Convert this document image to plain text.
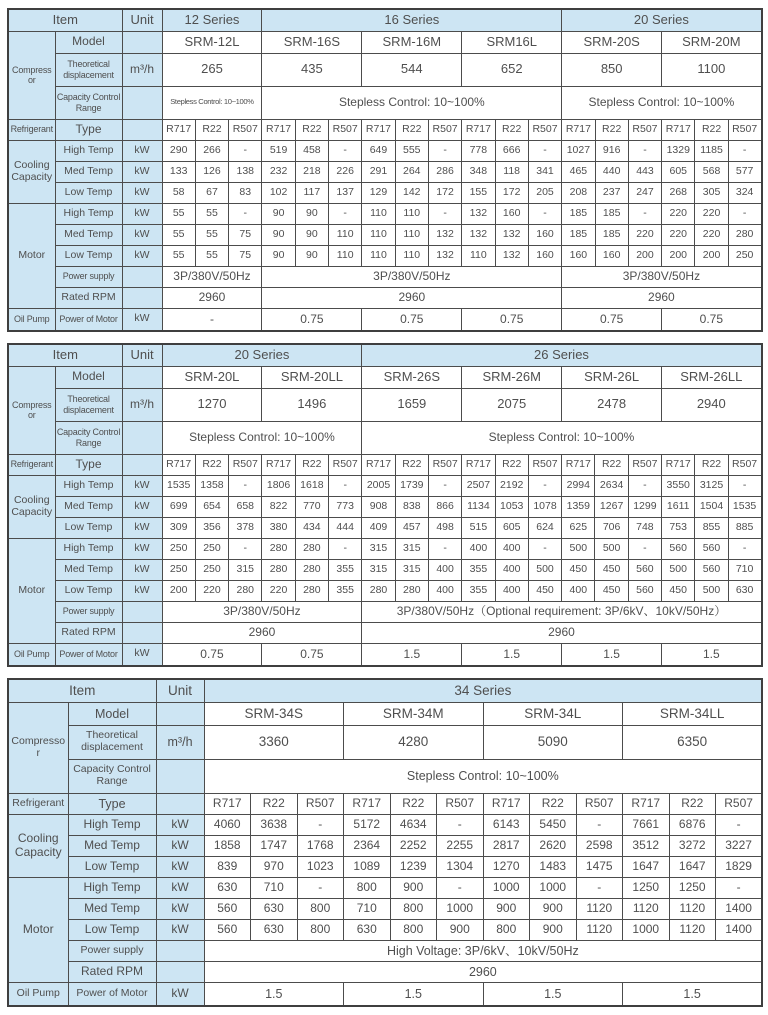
Item		Unit	12 Series			16 Series									20 Series					
Compressor	Model		SRM-12L			SRM-16S			SRM-16M			SRM16L			SRM-20S			SRM-20M		
	Theoretical displacement	m³/h	265			435			544			652			850			1100		
	Capacity Control Range		Stepless Control: 10~100%			Stepless Control: 10~100%									Stepless Control: 10~100%					
Refrigerant	Type		R717	R22	R507	R717	R22	R507	R717	R22	R507	R717	R22	R507	R717	R22	R507	R717	R22	R507
Cooling Capacity	High Temp	kW	290	266	-	519	458	-	649	555	-	778	666	-	1027	916	-	1329	1185	-
	Med Temp	kW	133	126	138	232	218	226	291	264	286	348	118	341	465	440	443	605	568	577
	Low Temp	kW	58	67	83	102	117	137	129	142	172	155	172	205	208	237	247	268	305	324
Motor	High Temp	kW	55	55	-	90	90	-	110	110	-	132	160	-	185	185	-	220	220	-
	Med Temp	kW	55	55	75	90	90	110	110	110	132	132	132	160	185	185	220	220	220	280
	Low Temp	kW	55	55	75	90	90	110	110	110	132	110	132	160	160	160	200	200	200	250
	Power supply		3P/380V/50Hz			3P/380V/50Hz									3P/380V/50Hz					
	Rated RPM		2960			2960									2960					
Oil Pump	Power of Motor	kW	-			0.75			0.75			0.75			0.75			0.75		
Item		Unit	20 Series						26 Series											
Compressor	Model		SRM-20L			SRM-20LL			SRM-26S			SRM-26M			SRM-26L			SRM-26LL		
	Theoretical displacement	m³/h	1270			1496			1659			2075			2478			2940		
	Capacity Control Range		Stepless Control: 10~100%						Stepless Control: 10~100%											
Refrigerant	Type		R717	R22	R507	R717	R22	R507	R717	R22	R507	R717	R22	R507	R717	R22	R507	R717	R22	R507
Cooling Capacity	High Temp	kW	1535	1358	-	1806	1618	-	2005	1739	-	2507	2192	-	2994	2634	-	3550	3125	-
	Med Temp	kW	699	654	658	822	770	773	908	838	866	1134	1053	1078	1359	1267	1299	1611	1504	1535
	Low Temp	kW	309	356	378	380	434	444	409	457	498	515	605	624	625	706	748	753	855	885
Motor	High Temp	kW	250	250	-	280	280	-	315	315	-	400	400	-	500	500	-	560	560	-
	Med Temp	kW	250	250	315	280	280	355	315	315	400	355	400	500	450	450	560	500	560	710
	Low Temp	kW	200	220	280	220	280	355	280	280	400	355	400	450	400	450	560	450	500	630
	Power supply		3P/380V/50Hz						3P/380V/50Hz（Optional requirement: 3P/6kV、10kV/50Hz）											
	Rated RPM		2960						2960											
Oil Pump	Power of Motor	kW	0.75			0.75			1.5			1.5			1.5			1.5		
Item		Unit	34 Series											
Compressor	Model		SRM-34S			SRM-34M			SRM-34L			SRM-34LL		
	Theoretical displacement	m³/h	3360			4280			5090			6350		
	Capacity Control Range		Stepless Control: 10~100%											
Refrigerant	Type		R717	R22	R507	R717	R22	R507	R717	R22	R507	R717	R22	R507
Cooling Capacity	High Temp	kW	4060	3638	-	5172	4634	-	6143	5450	-	7661	6876	-
	Med Temp	kW	1858	1747	1768	2364	2252	2255	2817	2620	2598	3512	3272	3227
	Low Temp	kW	839	970	1023	1089	1239	1304	1270	1483	1475	1647	1647	1829
Motor	High Temp	kW	630	710	-	800	900	-	1000	1000	-	1250	1250	-
	Med Temp	kW	560	630	800	710	800	1000	900	900	1120	1120	1120	1400
	Low Temp	kW	560	630	800	630	800	900	800	900	1120	1000	1120	1400
	Power supply		High Voltage: 3P/6kV、10kV/50Hz											
	Rated RPM		2960											
Oil Pump	Power of Motor	kW	1.5			1.5			1.5			1.5		
